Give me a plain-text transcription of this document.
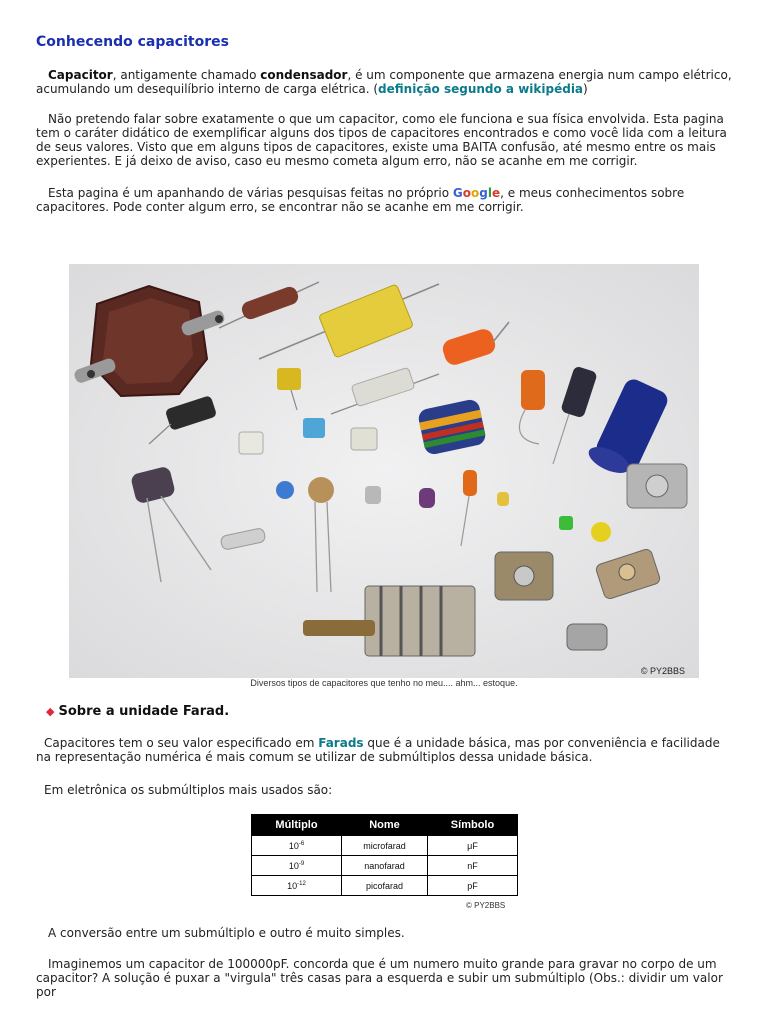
Conhecendo capacitores

Capacitor, antigamente chamado condensador, é um componente que armazena energia num campo elétrico, acumulando um desequilíbrio interno de carga elétrica. (definição segundo a wikipédia)

Não pretendo falar sobre exatamente o que um capacitor, como ele funciona e sua física envolvida. Esta pagina tem o caráter didático de exemplificar alguns dos tipos de capacitores encontrados e como você lida com a leitura de seus valores. Visto que em alguns tipos de capacitores, existe uma BAITA confusão, até mesmo entre os mais experientes. E já deixo de aviso, caso eu mesmo cometa algum erro, não se acanhe em me corrigir.

Esta pagina é um apanhando de várias pesquisas feitas no próprio Google, e meus conhecimentos sobre capacitores. Pode conter algum erro, se encontrar não se acanhe em me corrigir.

© PY2BBS

Diversos tipos de capacitores que tenho no meu.... ahm... estoque.

◆ Sobre a unidade Farad.

Capacitores tem o seu valor especificado em Farads que é a unidade básica, mas por conveniência e facilidade na representação numérica é mais comum se utilizar de submúltiplos dessa unidade básica.

Em eletrônica os submúltiplos mais usados são:

Múltiplo	Nome	Símbolo
$10^{-6}$	microfarad	μF
$10^{-9}$	nanofarad	nF
$10^{-12}$	picofarad	pF
© PY2BBS

A conversão entre um submúltiplo e outro é muito simples.

Imaginemos um capacitor de 100000pF. concorda que é um numero muito grande para gravar no corpo de um capacitor? A solução é puxar a "virgula" três casas para a esquerda e subir um submúltiplo (Obs.: dividir um valor por
